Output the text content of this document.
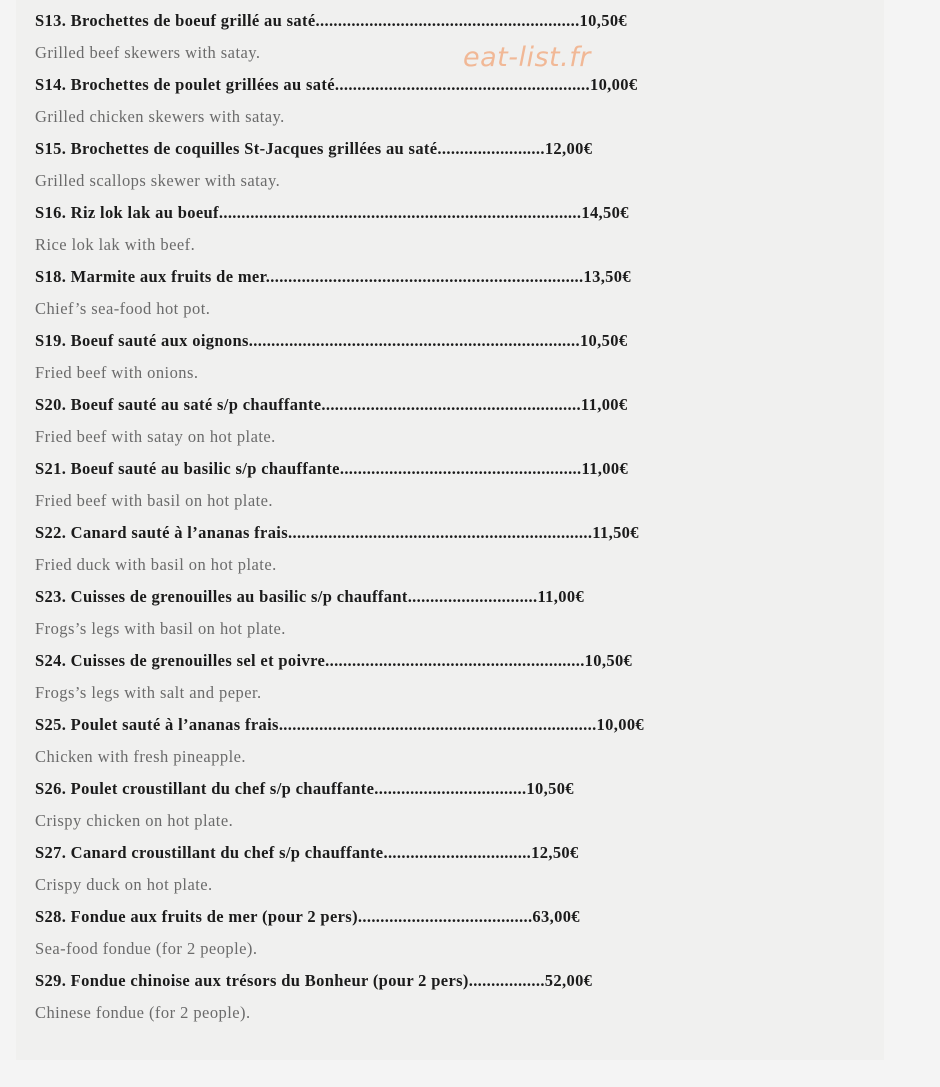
eat-list.fr
S13. Brochettes de boeuf grillé au saté...........................................................10,50€
Grilled beef skewers with satay.
S14. Brochettes de poulet grillées au saté.........................................................10,00€
Grilled chicken skewers with satay.
S15. Brochettes de coquilles St-Jacques grillées au saté........................12,00€
Grilled scallops skewer with satay.
S16. Riz lok lak au boeuf.................................................................................14,50€
Rice lok lak with beef.
S18. Marmite aux fruits de mer.......................................................................13,50€
Chief’s sea-food hot pot.
S19. Boeuf sauté aux oignons..........................................................................10,50€
Fried beef with onions.
S20. Boeuf sauté au saté s/p chauffante..........................................................11,00€
Fried beef with satay on hot plate.
S21. Boeuf sauté au basilic s/p chauffante......................................................11,00€
Fried beef with basil on hot plate.
S22. Canard sauté à l’ananas frais....................................................................11,50€
Fried duck with basil on hot plate.
S23. Cuisses de grenouilles au basilic s/p chauffant.............................11,00€
Frogs’s legs with basil on hot plate.
S24. Cuisses de grenouilles sel et poivre..........................................................10,50€
Frogs’s legs with salt and peper.
S25. Poulet sauté à l’ananas frais.......................................................................10,00€
Chicken with fresh pineapple.
S26. Poulet croustillant du chef s/p chauffante..................................10,50€
Crispy chicken on hot plate.
S27. Canard croustillant du chef s/p chauffante.................................12,50€
Crispy duck on hot plate.
S28. Fondue aux fruits de mer (pour 2 pers).......................................63,00€
Sea-food fondue (for 2 people).
S29. Fondue chinoise aux trésors du Bonheur (pour 2 pers).................52,00€
Chinese fondue (for 2 people).
